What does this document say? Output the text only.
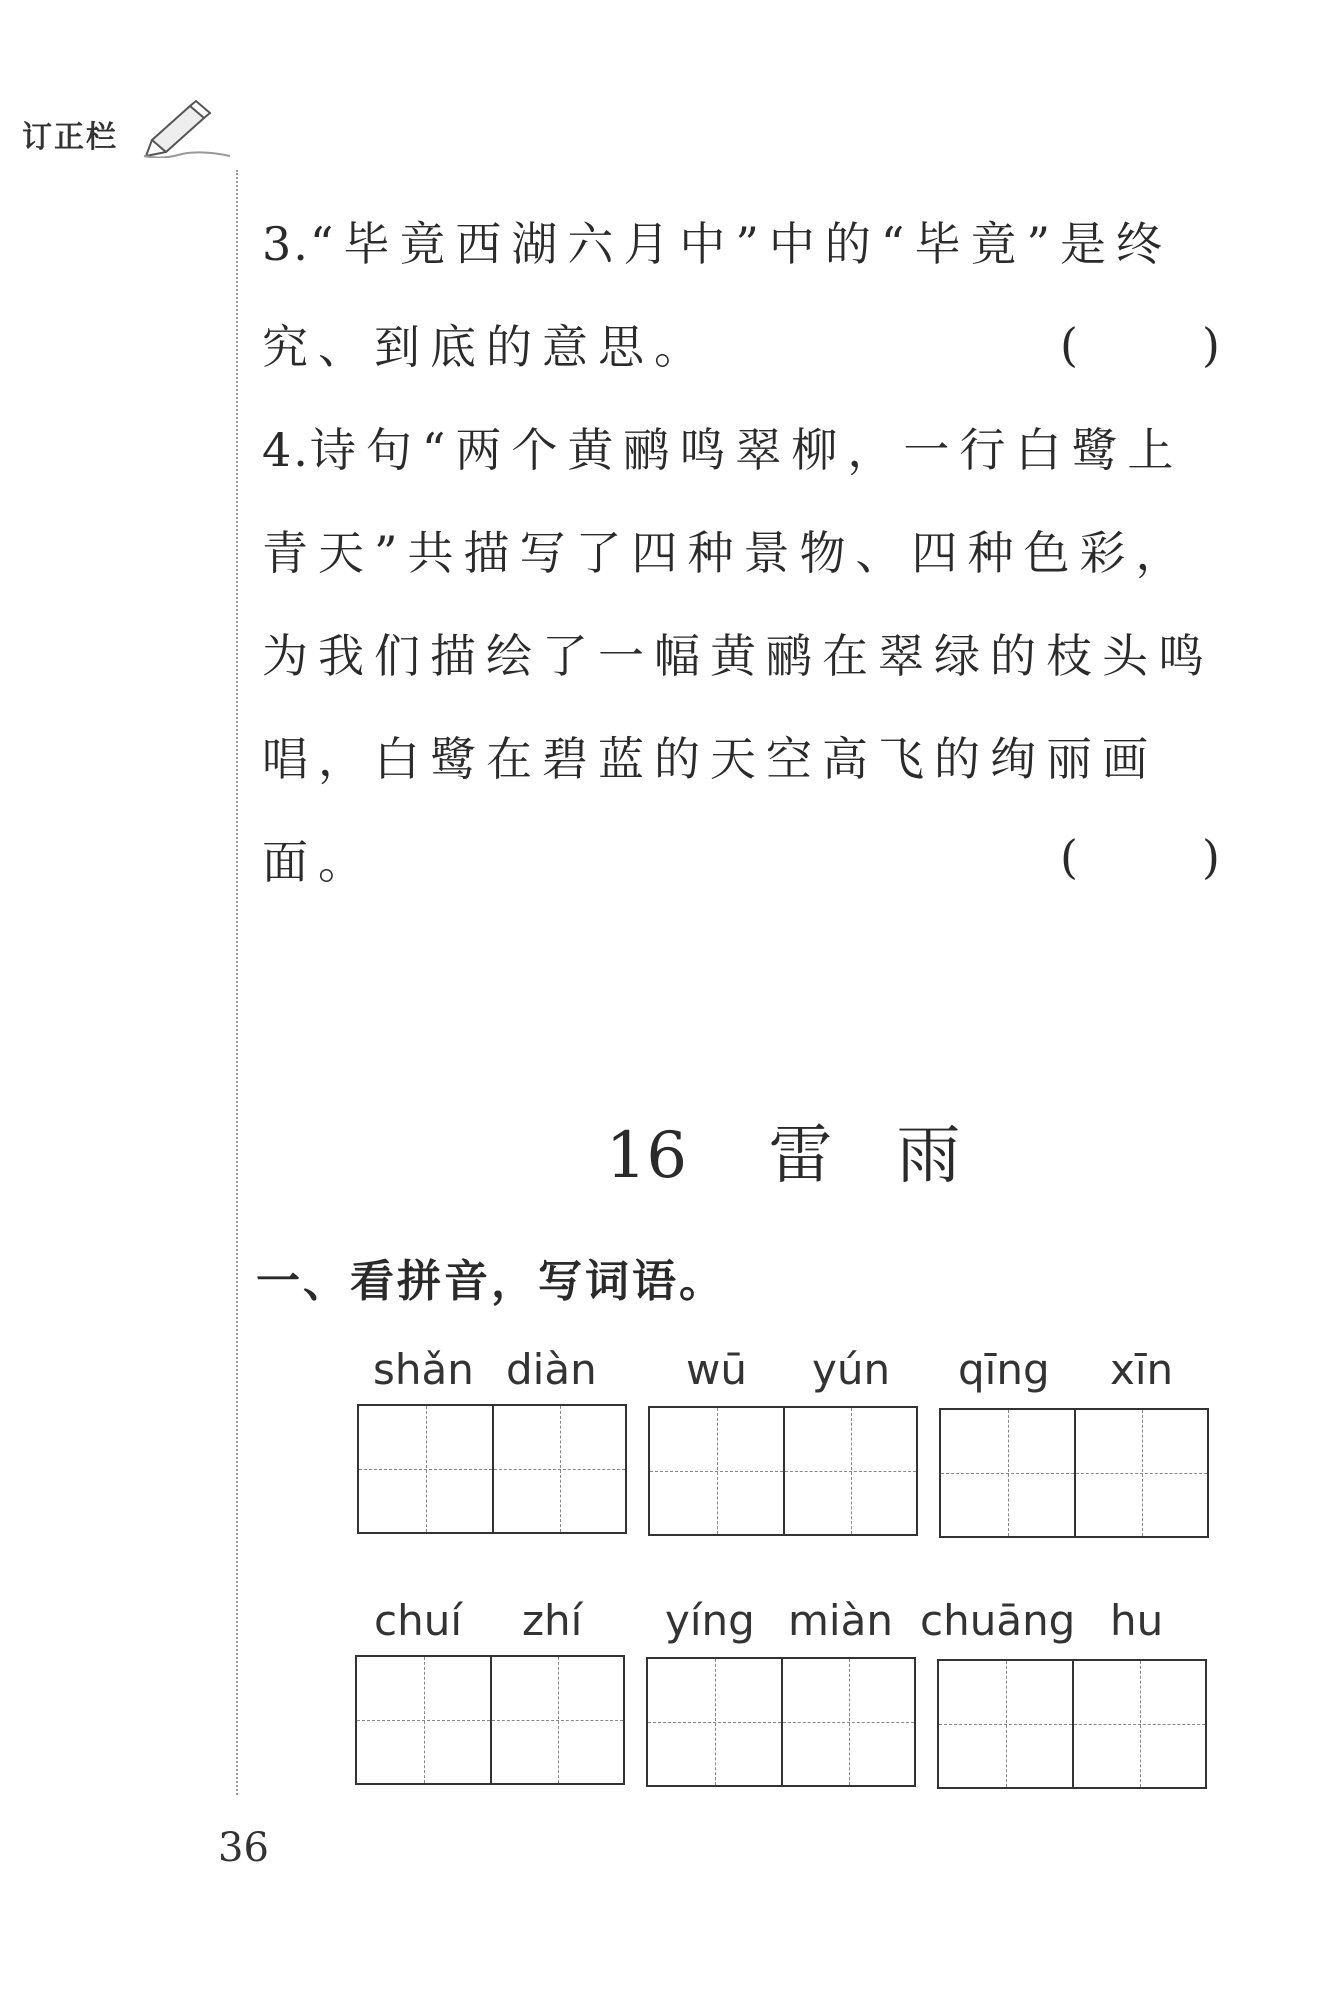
订正栏

3.“毕竟西湖六月中”中的“毕竟”是终究、到底的意思。	(	)

4.诗句“两个黄鹂鸣翠柳，一行白鹭上青天”共描写了四种景物、四种色彩，为我们描绘了一幅黄鹂在翠绿的枝头鸣唱，白鹭在碧蓝的天空高飞的绚丽画面。	(	)

16 雷　雨

一、看拼音，写词语。

shǎn diàn wū yún qīng xīn
chuí zhí yíng miàn chuāng hu
36
